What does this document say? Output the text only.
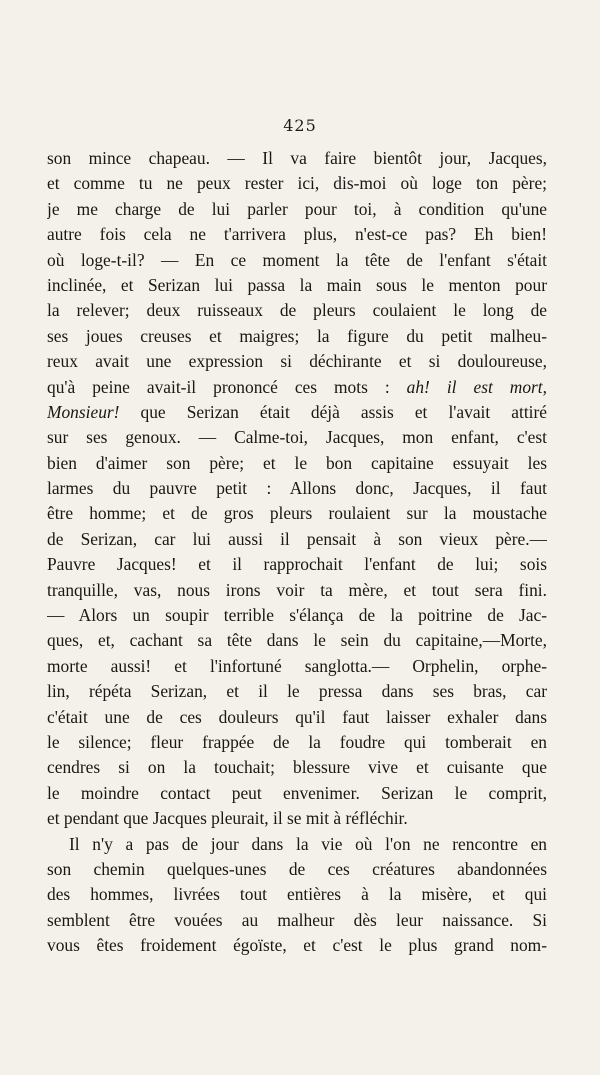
425
son mince chapeau. — Il va faire bientôt jour, Jacques,
et comme tu ne peux rester ici, dis-moi où loge ton père;
je me charge de lui parler pour toi, à condition qu'une
autre fois cela ne t'arrivera plus, n'est-ce pas? Eh bien!
où loge-t-il? — En ce moment la tête de l'enfant s'était
inclinée, et Serizan lui passa la main sous le menton pour
la relever; deux ruisseaux de pleurs coulaient le long de
ses joues creuses et maigres; la figure du petit malheu-
reux avait une expression si déchirante et si douloureuse,
qu'à peine avait-il prononcé ces mots : ah! il est mort,
Monsieur! que Serizan était déjà assis et l'avait attiré
sur ses genoux. — Calme-toi, Jacques, mon enfant, c'est
bien d'aimer son père; et le bon capitaine essuyait les
larmes du pauvre petit : Allons donc, Jacques, il faut
être homme; et de gros pleurs roulaient sur la moustache
de Serizan, car lui aussi il pensait à son vieux père.—
Pauvre Jacques! et il rapprochait l'enfant de lui; sois
tranquille, vas, nous irons voir ta mère, et tout sera fini.
— Alors un soupir terrible s'élança de la poitrine de Jac-
ques, et, cachant sa tête dans le sein du capitaine,—Morte,
morte aussi! et l'infortuné sanglotta.— Orphelin, orphe-
lin, répéta Serizan, et il le pressa dans ses bras, car
c'était une de ces douleurs qu'il faut laisser exhaler dans
le silence; fleur frappée de la foudre qui tomberait en
cendres si on la touchait; blessure vive et cuisante que
le moindre contact peut envenimer. Serizan le comprit,
et pendant que Jacques pleurait, il se mit à réfléchir.
Il n'y a pas de jour dans la vie où l'on ne rencontre en
son chemin quelques-unes de ces créatures abandonnées
des hommes, livrées tout entières à la misère, et qui
semblent être vouées au malheur dès leur naissance. Si
vous êtes froidement égoïste, et c'est le plus grand nom-
